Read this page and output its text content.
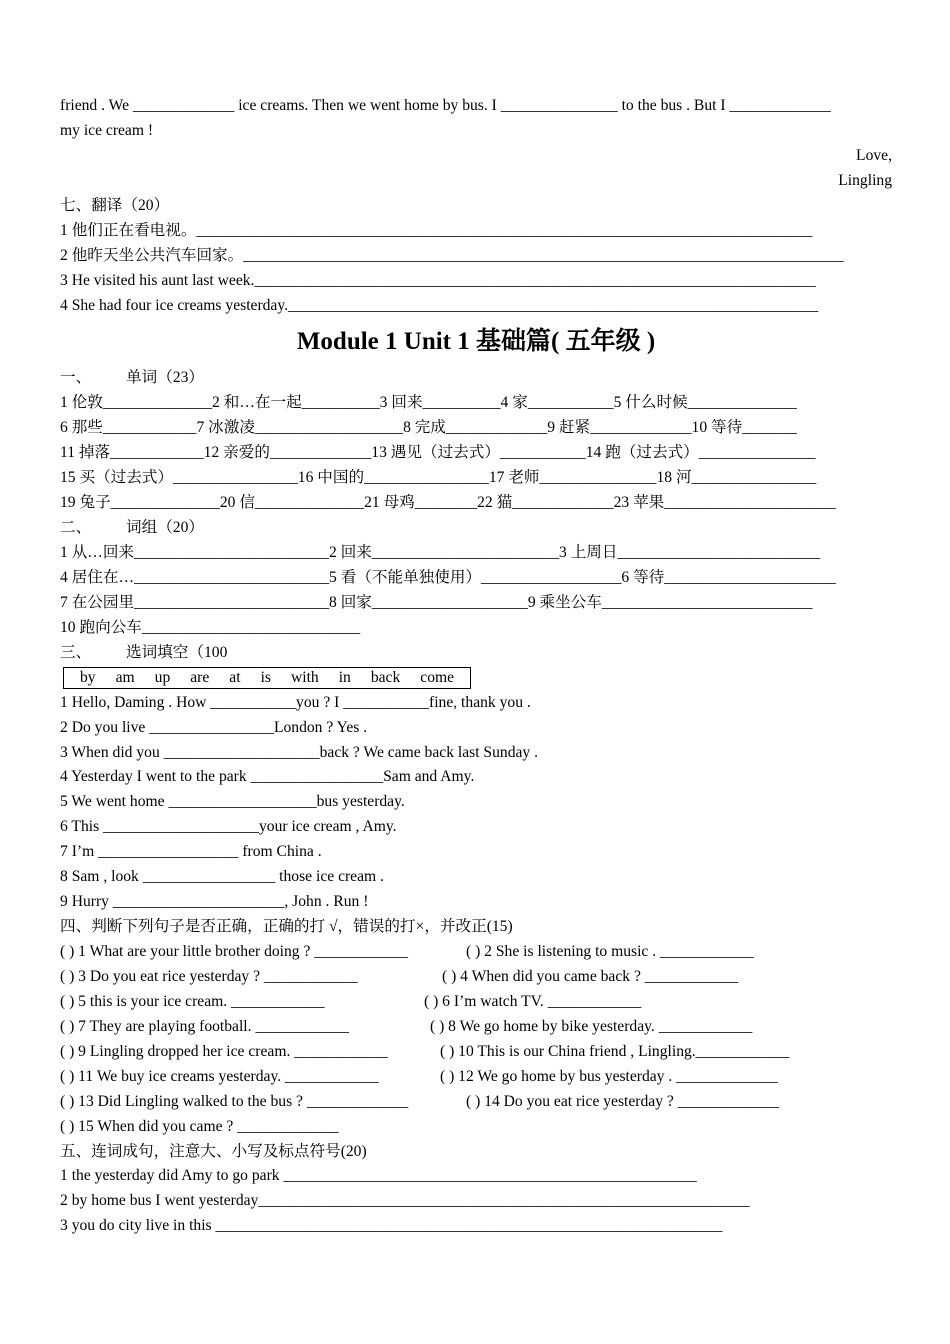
friend . We _____________ ice creams. Then we went home by bus. I _______________ to the bus . But I _____________
my ice cream !
Love,
Lingling
七、翻译（20）
1 他们正在看电视。_______________________________________________________________________________
2 他昨天坐公共汽车回家。_____________________________________________________________________________
3 He visited his aunt last week.________________________________________________________________________
4 She had four ice creams yesterday.____________________________________________________________________
Module 1 Unit 1 基础篇( 五年级 )
一、 单词（23）
1 伦敦______________2 和…在一起__________3 回来__________4 家___________5 什么时候______________
6 那些____________7 冰激凌___________________8 完成_____________9 赶紧_____________10 等待_______
11 掉落____________12 亲爱的_____________13 遇见（过去式）___________14 跑（过去式）_______________
15 买（过去式）________________16 中国的________________17 老师_______________18 河________________
19 兔子______________20 信______________21 母鸡________22 猫_____________23 苹果______________________
二、 词组（20）
1 从…回来_________________________2 回来________________________3 上周日__________________________
4 居住在…_________________________5 看（不能单独使用）__________________6 等待______________________
7 在公园里_________________________8 回家____________________9 乘坐公车___________________________
10 跑向公车____________________________
三、 选词填空（100
by	am	up	are	at	is	with	in	back	come
1 Hello, Daming . How ___________you ? I ___________fine, thank you .
2 Do you live ________________London ? Yes .
3 When did you ____________________back ? We came back last Sunday .
4 Yesterday I went to the park _________________Sam and Amy.
5 We went home ___________________bus yesterday.
6 This ____________________your ice cream , Amy.
7 I’m __________________ from China .
8 Sam , look _________________ those ice cream .
9 Hurry ______________________, John . Run !
四、判断下列句子是否正确，正确的打 √，错误的打×，并改正(15)
( ) 1 What are your little brother doing ? ____________	( ) 2 She is listening to music . ____________
( ) 3 Do you eat rice yesterday ? ____________	( ) 4 When did you came back ? ____________
( ) 5 this is your ice cream. ____________	( ) 6 I’m watch TV. ____________
( ) 7 They are playing football. ____________	( ) 8 We go home by bike yesterday. ____________
( ) 9 Lingling dropped her ice cream. ____________	( ) 10 This is our China friend , Lingling.____________
( ) 11 We buy ice creams yesterday. ____________	( ) 12 We go home by bus yesterday . _____________
( ) 13 Did Lingling walked to the bus ? _____________	( ) 14 Do you eat rice yesterday ? _____________
( ) 15 When did you came ? _____________
五、连词成句，注意大、小写及标点符号(20)
1 the yesterday did Amy to go park _____________________________________________________
2 by home bus I went yesterday_______________________________________________________________
3 you do city live in this _________________________________________________________________
